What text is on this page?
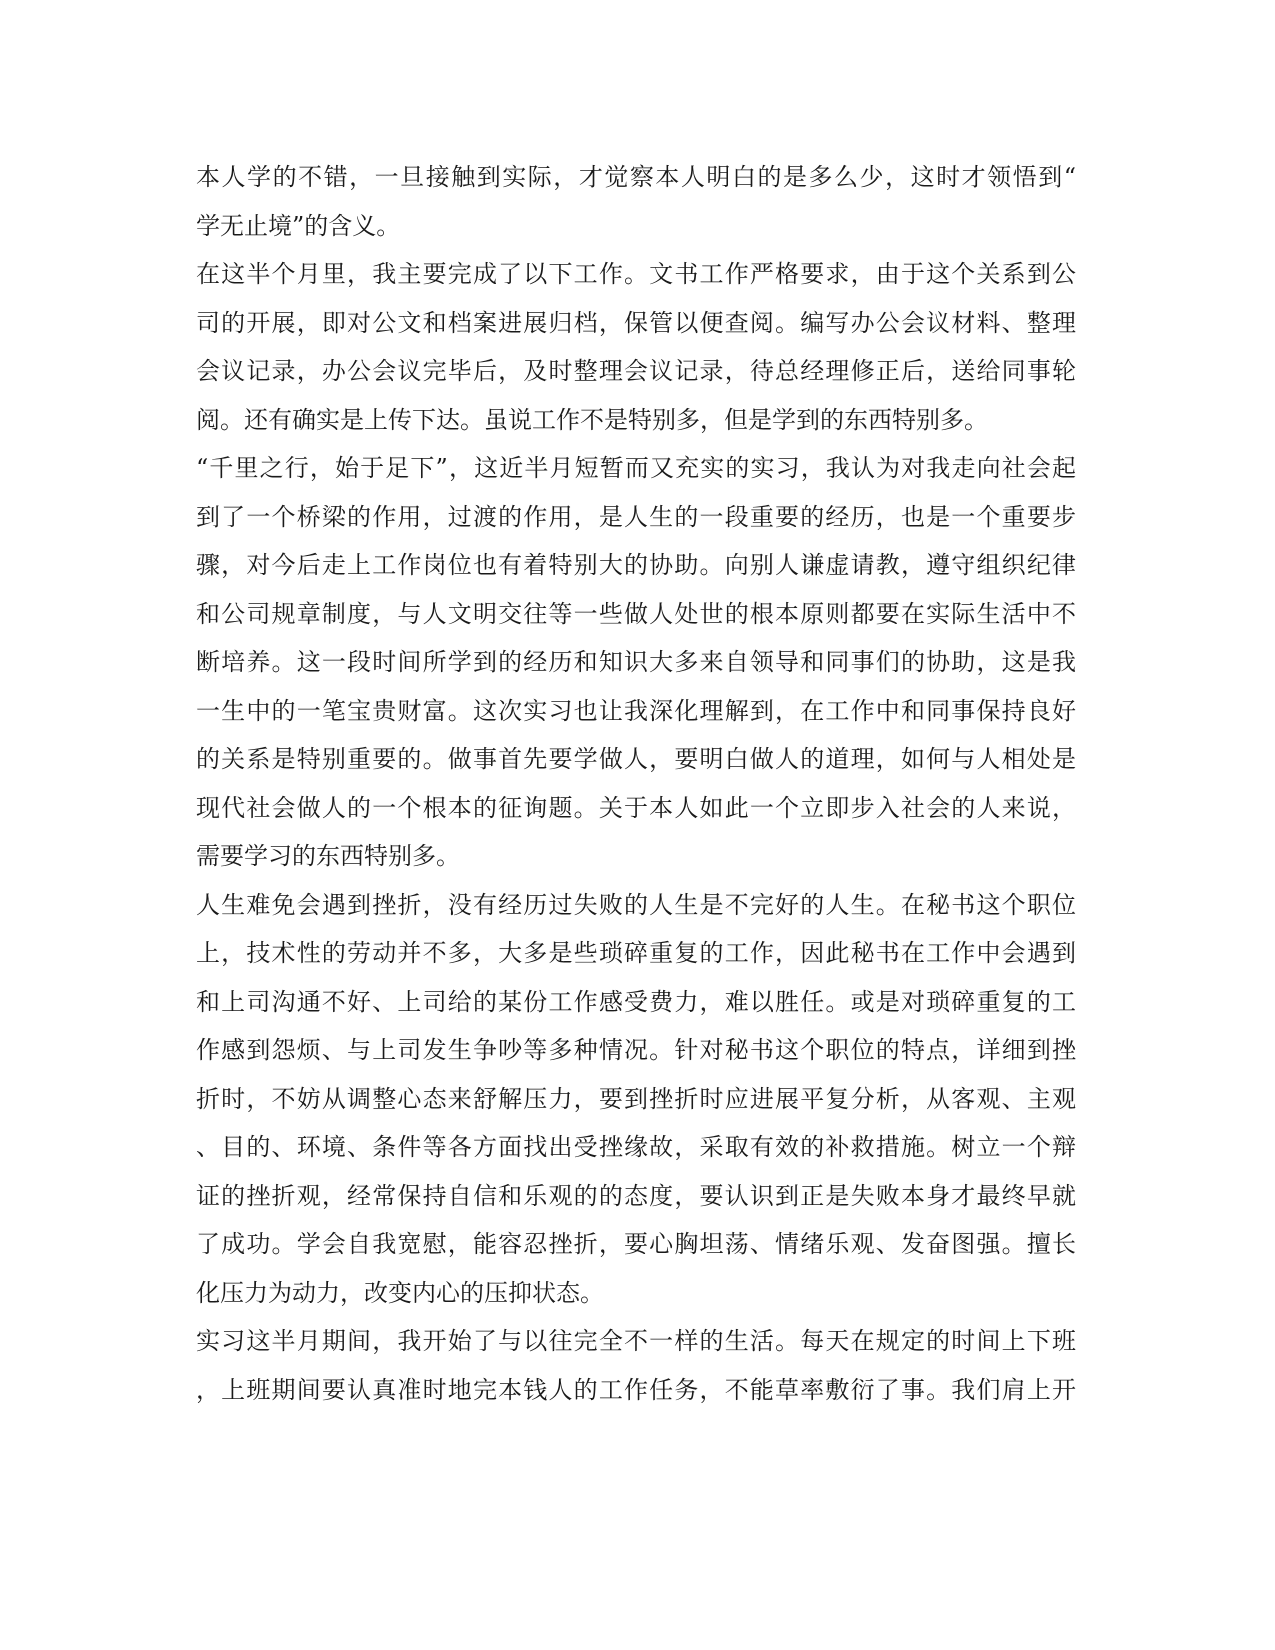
本人学的不错，一旦接触到实际，才觉察本人明白的是多么少，这时才领悟到“
学无止境”的含义。
在这半个月里，我主要完成了以下工作。文书工作严格要求，由于这个关系到公
司的开展，即对公文和档案进展归档，保管以便查阅。编写办公会议材料、整理
会议记录，办公会议完毕后，及时整理会议记录，待总经理修正后，送给同事轮
阅。还有确实是上传下达。虽说工作不是特别多，但是学到的东西特别多。
“千里之行，始于足下”，这近半月短暂而又充实的实习，我认为对我走向社会起
到了一个桥梁的作用，过渡的作用，是人生的一段重要的经历，也是一个重要步
骤，对今后走上工作岗位也有着特别大的协助。向别人谦虚请教，遵守组织纪律
和公司规章制度，与人文明交往等一些做人处世的根本原则都要在实际生活中不
断培养。这一段时间所学到的经历和知识大多来自领导和同事们的协助，这是我
一生中的一笔宝贵财富。这次实习也让我深化理解到，在工作中和同事保持良好
的关系是特别重要的。做事首先要学做人，要明白做人的道理，如何与人相处是
现代社会做人的一个根本的征询题。关于本人如此一个立即步入社会的人来说，
需要学习的东西特别多。
人生难免会遇到挫折，没有经历过失败的人生是不完好的人生。在秘书这个职位
上，技术性的劳动并不多，大多是些琐碎重复的工作，因此秘书在工作中会遇到
和上司沟通不好、上司给的某份工作感受费力，难以胜任。或是对琐碎重复的工
作感到怨烦、与上司发生争吵等多种情况。针对秘书这个职位的特点，详细到挫
折时，不妨从调整心态来舒解压力，要到挫折时应进展平复分析，从客观、主观
、目的、环境、条件等各方面找出受挫缘故，采取有效的补救措施。树立一个辩
证的挫折观，经常保持自信和乐观的的态度，要认识到正是失败本身才最终早就
了成功。学会自我宽慰，能容忍挫折，要心胸坦荡、情绪乐观、发奋图强。擅长
化压力为动力，改变内心的压抑状态。
实习这半月期间，我开始了与以往完全不一样的生活。每天在规定的时间上下班
，上班期间要认真准时地完本钱人的工作任务，不能草率敷衍了事。我们肩上开
